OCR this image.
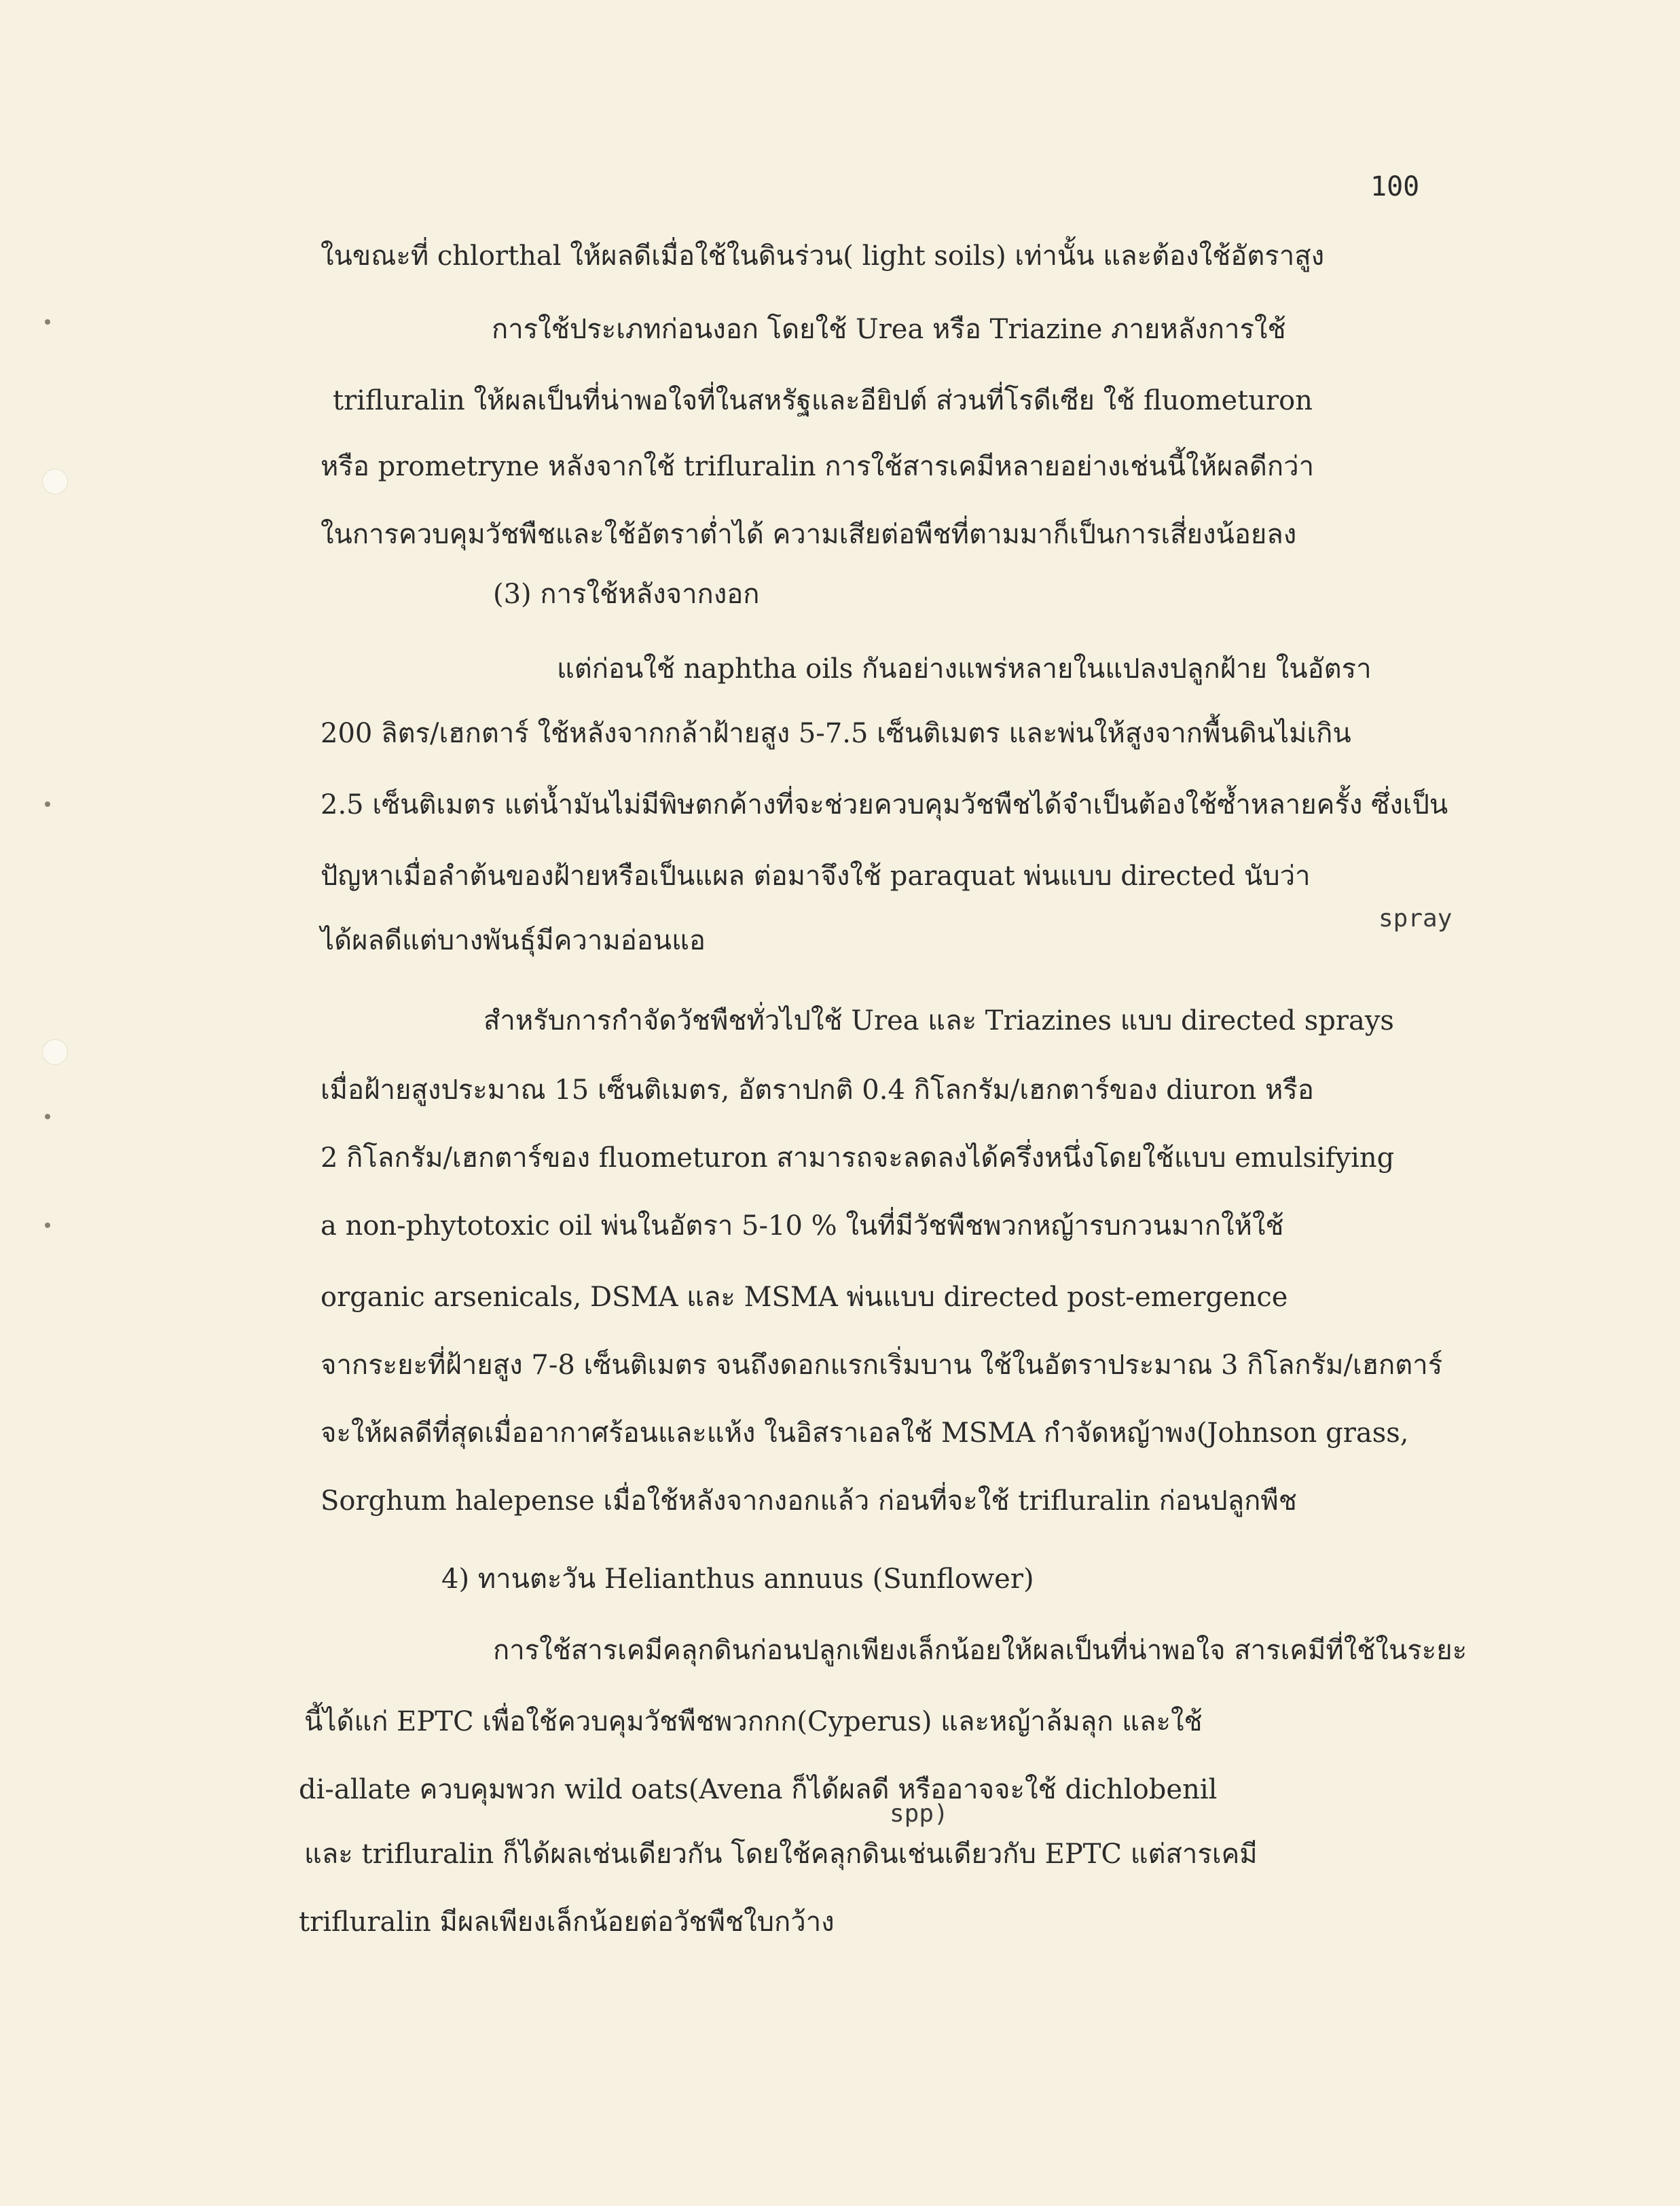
100
ในขณะที่ chlorthal ให้ผลดีเมื่อใช้ในดินร่วน( light soils) เท่านั้น และต้องใช้อัตราสูง
การใช้ประเภทก่อนงอก โดยใช้ Urea หรือ Triazine ภายหลังการใช้
trifluralin ให้ผลเป็นที่น่าพอใจที่ในสหรัฐและอียิปต์ ส่วนที่โรดีเซีย ใช้ fluometuron
หรือ prometryne หลังจากใช้ trifluralin การใช้สารเคมีหลายอย่างเช่นนี้ให้ผลดีกว่า
ในการควบคุมวัชพืชและใช้อัตราต่ำได้ ความเสียต่อพืชที่ตามมาก็เป็นการเสี่ยงน้อยลง
(3) การใช้หลังจากงอก
แต่ก่อนใช้ naphtha oils กันอย่างแพร่หลายในแปลงปลูกฝ้าย ในอัตรา
200 ลิตร/เฮกตาร์ ใช้หลังจากกล้าฝ้ายสูง 5-7.5 เซ็นติเมตร และพ่นให้สูงจากพื้นดินไม่เกิน
2.5 เซ็นติเมตร แต่น้ำมันไม่มีพิษตกค้างที่จะช่วยควบคุมวัชพืชได้จำเป็นต้องใช้ซ้ำหลายครั้ง ซึ่งเป็น
ปัญหาเมื่อลำต้นของฝ้ายหรือเป็นแผล ต่อมาจึงใช้ paraquat พ่นแบบ directed นับว่า
spray
ได้ผลดีแต่บางพันธุ์มีความอ่อนแอ
สำหรับการกำจัดวัชพืชทั่วไปใช้ Urea และ Triazines แบบ directed sprays
เมื่อฝ้ายสูงประมาณ 15 เซ็นติเมตร, อัตราปกติ 0.4 กิโลกรัม/เฮกตาร์ของ diuron หรือ
2 กิโลกรัม/เฮกตาร์ของ fluometuron สามารถจะลดลงได้ครึ่งหนึ่งโดยใช้แบบ emulsifying
a non-phytotoxic oil พ่นในอัตรา 5-10 % ในที่มีวัชพืชพวกหญ้ารบกวนมากให้ใช้
organic arsenicals, DSMA และ MSMA พ่นแบบ directed post-emergence
จากระยะที่ฝ้ายสูง 7-8 เซ็นติเมตร จนถึงดอกแรกเริ่มบาน ใช้ในอัตราประมาณ 3 กิโลกรัม/เฮกตาร์
จะให้ผลดีที่สุดเมื่ออากาศร้อนและแห้ง ในอิสราเอลใช้ MSMA กำจัดหญ้าพง(Johnson grass,
Sorghum halepense เมื่อใช้หลังจากงอกแล้ว ก่อนที่จะใช้ trifluralin ก่อนปลูกพืช
4) ทานตะวัน Helianthus annuus (Sunflower)
การใช้สารเคมีคลุกดินก่อนปลูกเพียงเล็กน้อยให้ผลเป็นที่น่าพอใจ สารเคมีที่ใช้ในระยะ
นี้ได้แก่ EPTC เพื่อใช้ควบคุมวัชพืชพวกกก(Cyperus) และหญ้าล้มลุก และใช้
di-allate ควบคุมพวก wild oats(Avena ก็ได้ผลดี หรืออาจจะใช้ dichlobenil
spp)
และ trifluralin ก็ได้ผลเช่นเดียวกัน โดยใช้คลุกดินเช่นเดียวกับ EPTC แต่สารเคมี
trifluralin มีผลเพียงเล็กน้อยต่อวัชพืชใบกว้าง
